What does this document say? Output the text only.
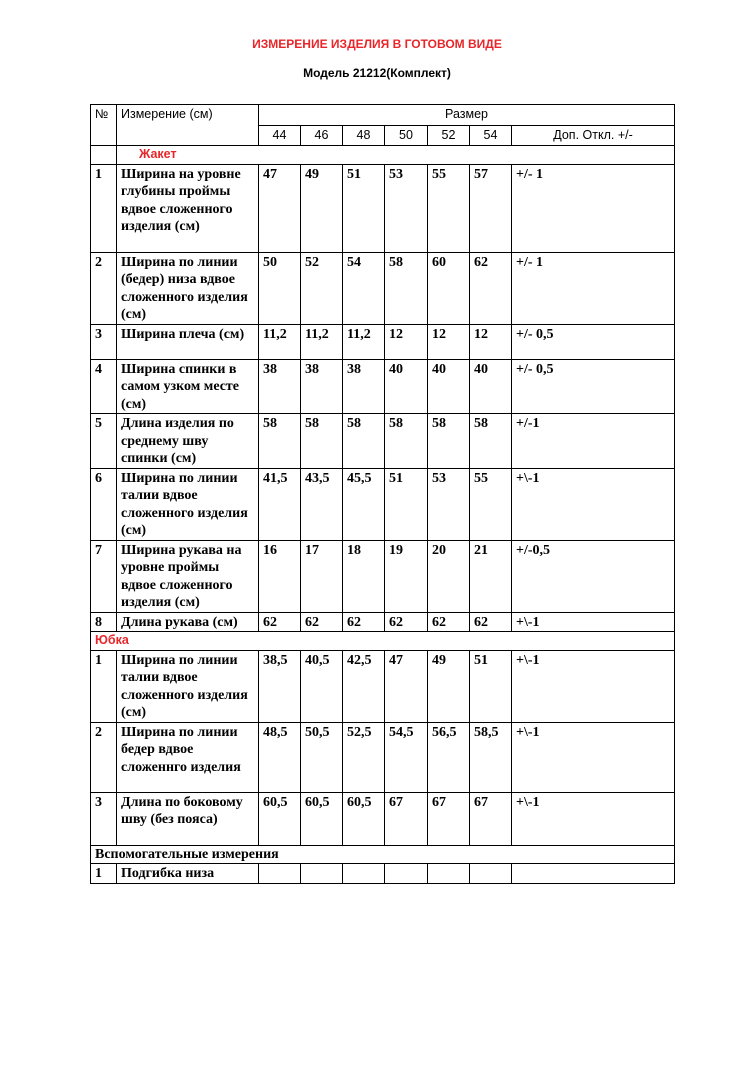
ИЗМЕРЕНИЕ ИЗДЕЛИЯ В ГОТОВОМ ВИДЕ
Модель 21212(Комплект)
№	Измерение (см)	Размер						
		44	46	48	50	52	54	Доп. Откл. +/-
	Жакет							
1	Ширина на уровне глубины проймы вдвое сложенного изделия (см)	47	49	51	53	55	57	+/- 1
2	Ширина по линии (бедер) низа вдвое сложенного изделия (см)	50	52	54	58	60	62	+/- 1
3	Ширина плеча (см)	11,2	11,2	11,2	12	12	12	+/- 0,5
4	Ширина спинки в самом узком месте (см)	38	38	38	40	40	40	+/- 0,5
5	Длина изделия по среднему шву спинки (см)	58	58	58	58	58	58	+/-1
6	Ширина по линии талии вдвое сложенного изделия (см)	41,5	43,5	45,5	51	53	55	+\-1
7	Ширина рукава на уровне проймы вдвое сложенного изделия (см)	16	17	18	19	20	21	+/-0,5
8	Длина рукава (см)	62	62	62	62	62	62	+\-1
Юбка								
1	Ширина по линии талии вдвое сложенного изделия (см)	38,5	40,5	42,5	47	49	51	+\-1
2	Ширина по линии бедер вдвое сложеннго изделия	48,5	50,5	52,5	54,5	56,5	58,5	+\-1
3	Длина по боковому шву (без пояса)	60,5	60,5	60,5	67	67	67	+\-1
Вспомогательные измерения								
1	Подгибка низа							
